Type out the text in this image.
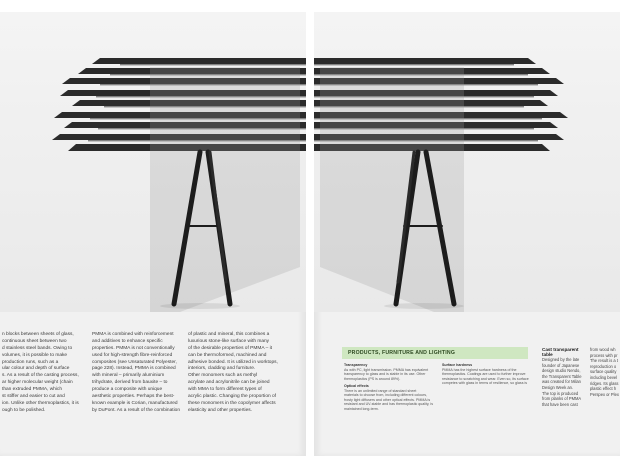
n blocks between sheets of glass,
continuous sheet between two
d stainless steel bands. Owing to
volumes, it is possible to make
production runs, such as a
ular colour and depth of surface
s. As a result of the casting process,
ar higher molecular weight (chain
than extruded PMMA, which
st stiffer and easier to cut and
ion. Unlike other thermoplastics, it is
ough to be polished.
PMMA is combined with reinforcement
and additives to enhance specific
properties. PMMA is not conventionally
used for high-strength fibre-reinforced
composites (see Unsaturated Polyester,
page 228). Instead, PMMA is combined
with mineral – primarily aluminium
trihydrate, derived from bauxite – to
produce a composite with unique
aesthetic properties. Perhaps the best-
known example is Corian, manufactured
by DuPont. As a result of the combination
of plastic and mineral, this combines a
luxurious stone-like surface with many
of the desirable properties of PMMA – it
can be thermoformed, machined and
adhesive bonded. It is utilized in worktops,
interiors, cladding and furniture.
Other monomers such as methyl
acrylate and acrylonitrile can be joined
with MMA to form different types of
acrylic plastic. Changing the proportion of
these monomers in the copolymer affects
elasticity and other properties.
PRODUCTS, FURNITURE AND LIGHTING
Transparency
As with PC, light transmission. PMMA has equivalent
transparency to glass and is stable in its use. Other
thermoplastics (PS is around 89%).
Optical effects
There is an unlimited range of standard sheet
materials to choose from, including different colours,
frosty light diffusers and other optical effects. PMMA is
resistant and UV-stable and has thermoplastic quality, is
maintained long-term.
Surface hardness
PMMA has the highest surface hardness of the
thermoplastics. Coatings are used to further improve
resistance to scratching and wear. Even so, its surface
competes with glass in terms of resilience, so glass is
Cast transparent table
Designed by the late
founder of Japanese
design studio Nendo,
the Transparent Table
was created for Milan
Design Week an.
The top is produced
from planks of PMMA
that have been cast
from wood wh
process with pr
The result is a t
reproduction o
surface quality
including bevel
ridges. Its glass
plastic effect h
Perspex or Plex
